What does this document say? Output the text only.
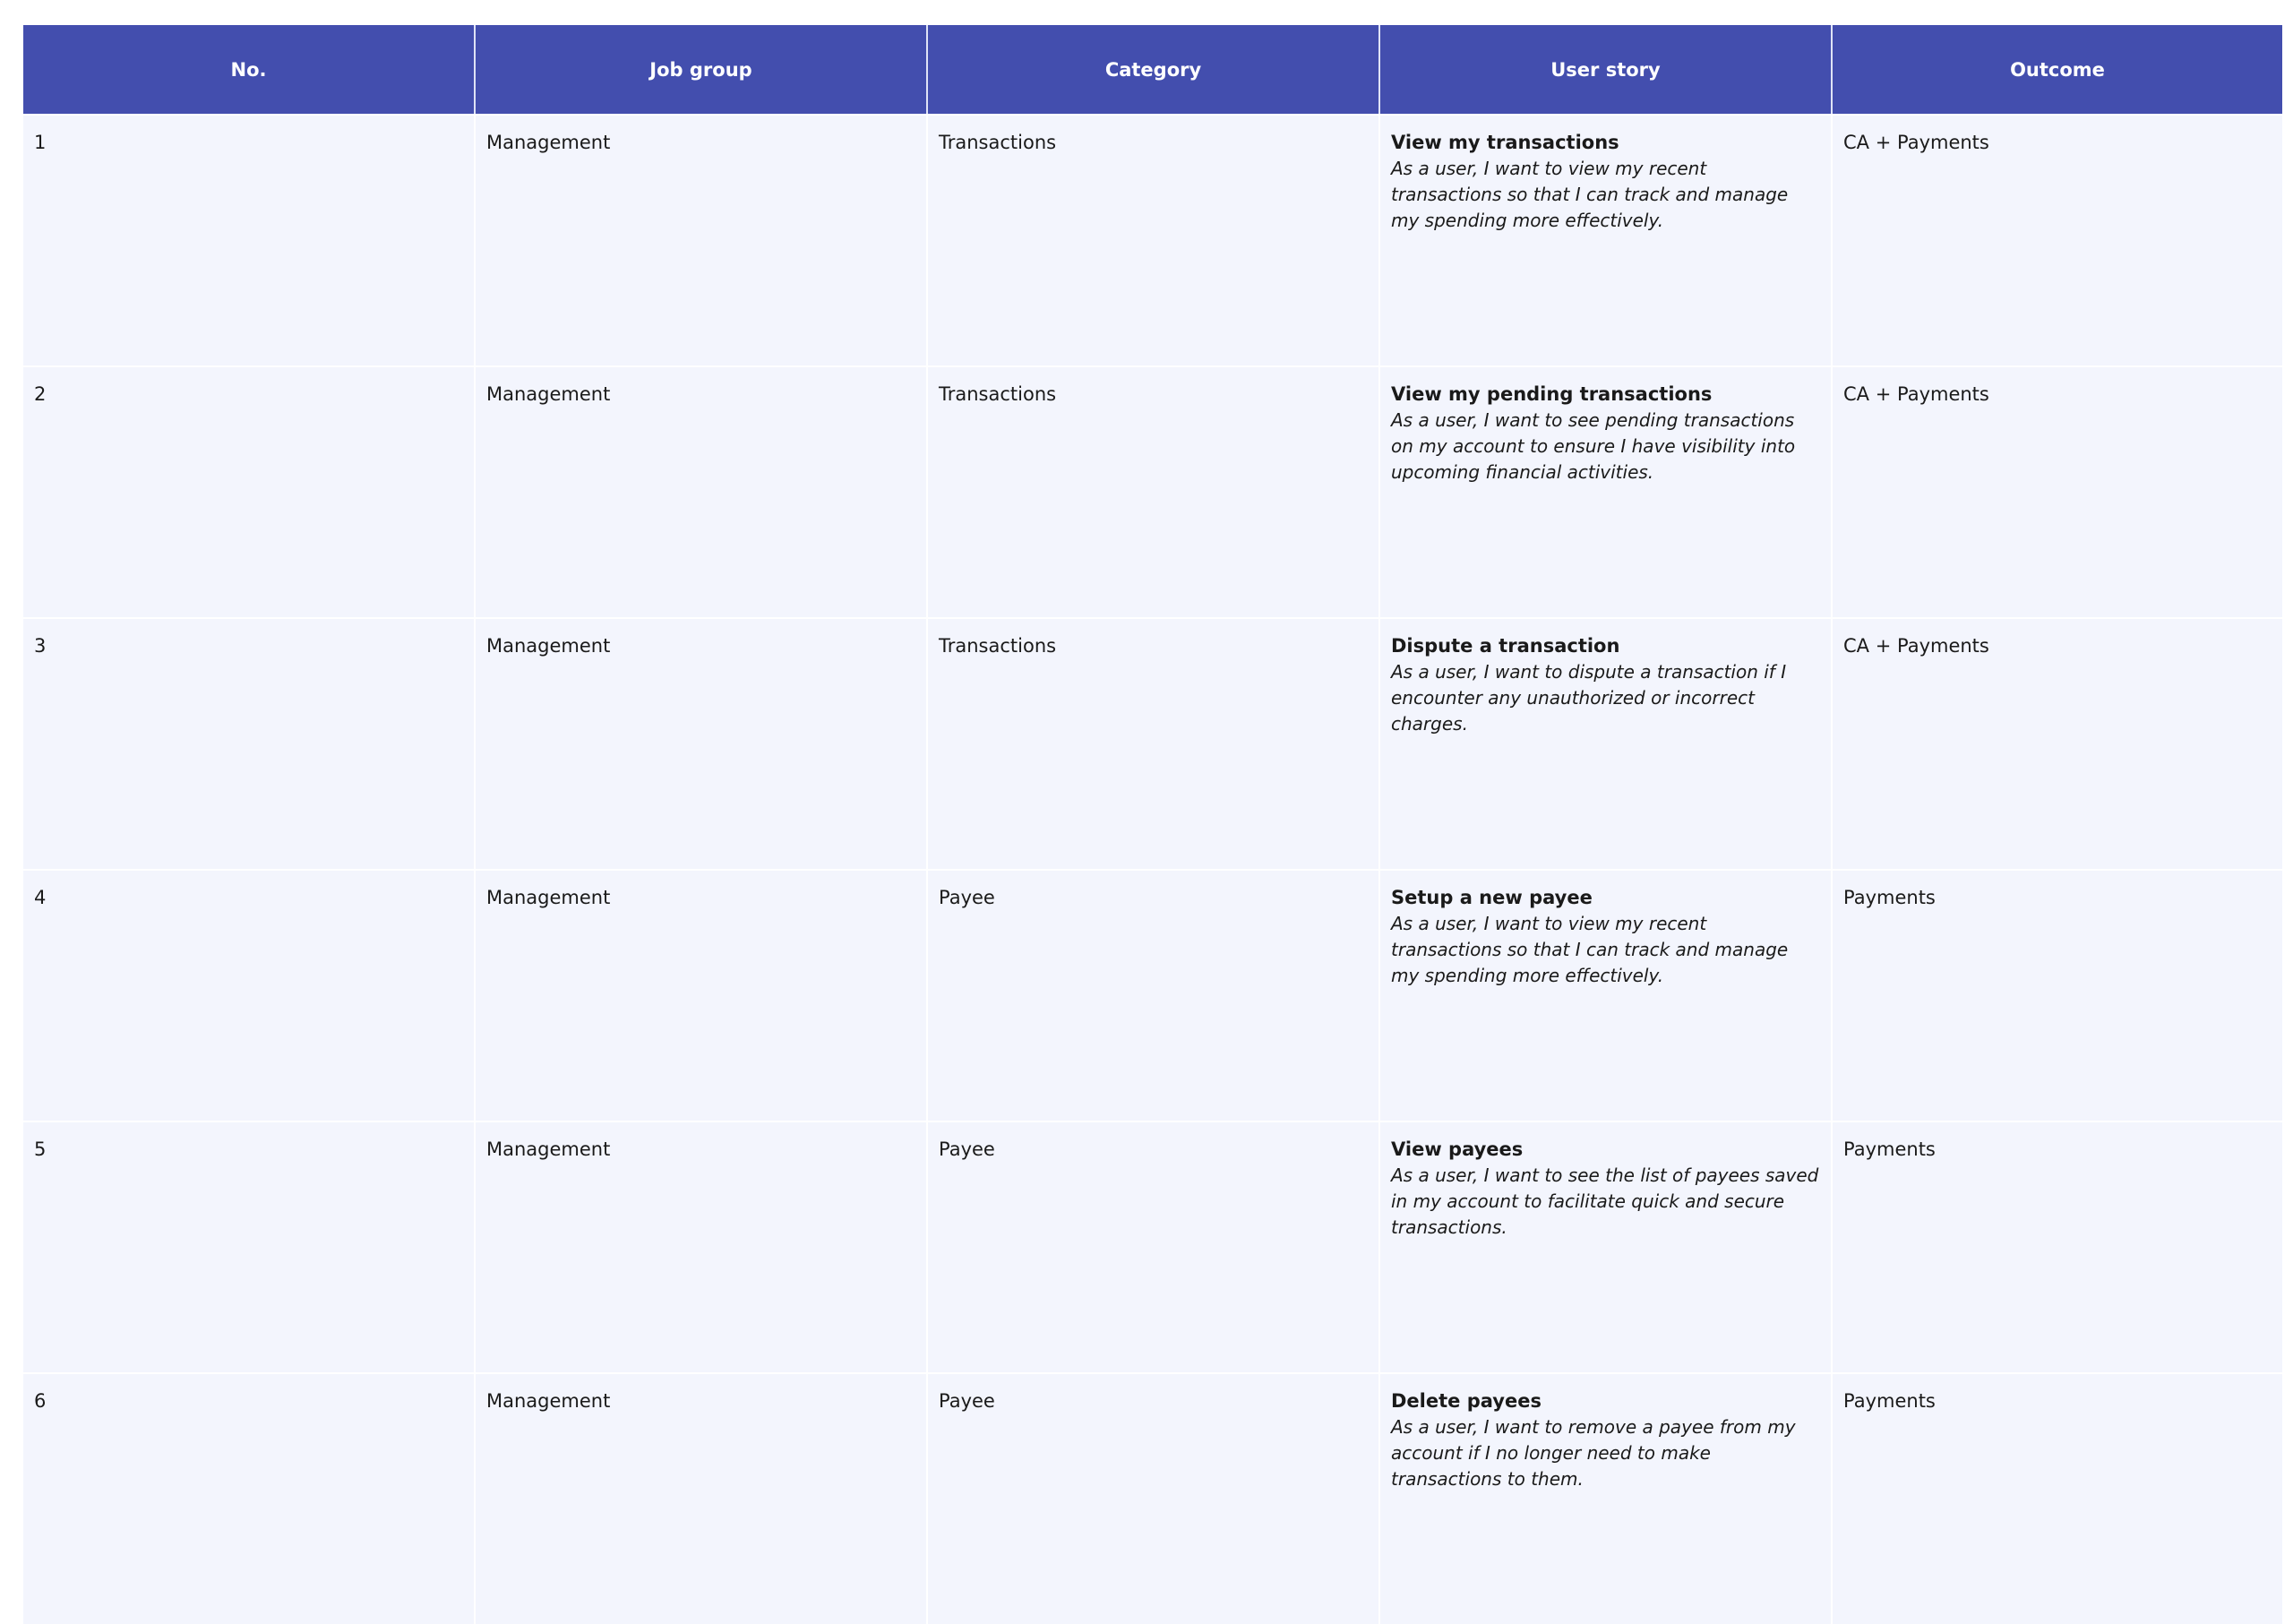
No.	Job group	Category	User story	Outcome
1	Management	Transactions	View my transactions
As a user, I want to view my recent transactions so that I can track and manage my spending more effectively.
CA + Payments
2	Management	Transactions	View my pending transactions
As a user, I want to see pending transactions on my account to ensure I have visibility into upcoming financial activities.
CA + Payments
3	Management	Transactions	Dispute a transaction
As a user, I want to dispute a transaction if I encounter any unauthorized or incorrect charges.
CA + Payments
4	Management	Payee	Setup a new payee
As a user, I want to view my recent transactions so that I can track and manage my spending more effectively.
Payments
5	Management	Payee	View payees
As a user, I want to see the list of payees saved in my account to facilitate quick and secure transactions.
Payments
6	Management	Payee	Delete payees
As a user, I want to remove a payee from my account if I no longer need to make transactions to them.
Payments
